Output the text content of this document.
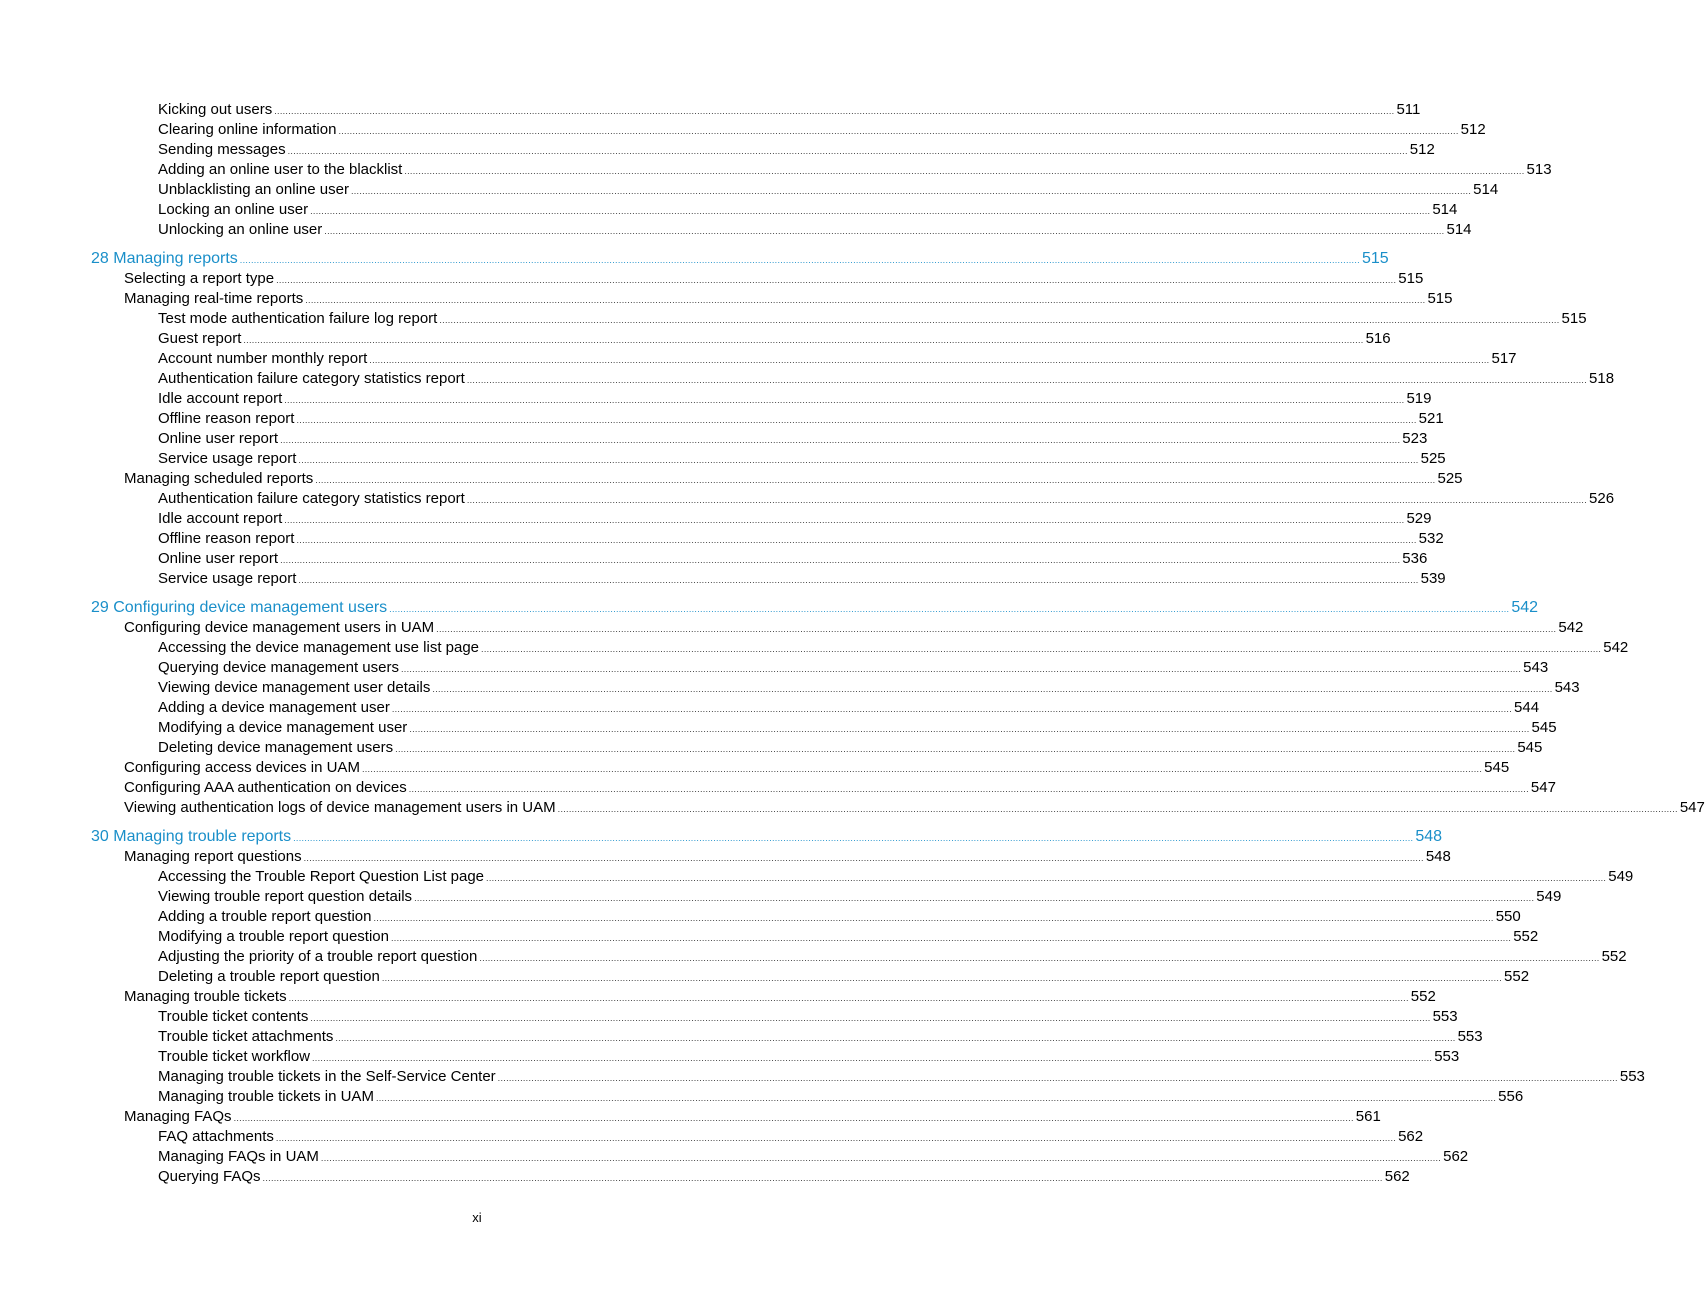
Kicking out users ................................................................................................................................................................................................................................................................................................................................................................................................................ 511
Clearing online information ................................................................................................................................................................................................................................................................................................................................................................................................................ 512
Sending messages ................................................................................................................................................................................................................................................................................................................................................................................................................ 512
Adding an online user to the blacklist ................................................................................................................................................................................................................................................................................................................................................................................................................ 513
Unblacklisting an online user ................................................................................................................................................................................................................................................................................................................................................................................................................ 514
Locking an online user ................................................................................................................................................................................................................................................................................................................................................................................................................ 514
Unlocking an online user ................................................................................................................................................................................................................................................................................................................................................................................................................ 514
28 Managing reports ................................................................................................................................................................................................................................................................................................................................................................................................................ 515
Selecting a report type ................................................................................................................................................................................................................................................................................................................................................................................................................ 515
Managing real-time reports ................................................................................................................................................................................................................................................................................................................................................................................................................ 515
Test mode authentication failure log report ................................................................................................................................................................................................................................................................................................................................................................................................................ 515
Guest report ................................................................................................................................................................................................................................................................................................................................................................................................................ 516
Account number monthly report ................................................................................................................................................................................................................................................................................................................................................................................................................ 517
Authentication failure category statistics report ................................................................................................................................................................................................................................................................................................................................................................................................................ 518
Idle account report ................................................................................................................................................................................................................................................................................................................................................................................................................ 519
Offline reason report ................................................................................................................................................................................................................................................................................................................................................................................................................ 521
Online user report ................................................................................................................................................................................................................................................................................................................................................................................................................ 523
Service usage report ................................................................................................................................................................................................................................................................................................................................................................................................................ 525
Managing scheduled reports ................................................................................................................................................................................................................................................................................................................................................................................................................ 525
Authentication failure category statistics report ................................................................................................................................................................................................................................................................................................................................................................................................................ 526
Idle account report ................................................................................................................................................................................................................................................................................................................................................................................................................ 529
Offline reason report ................................................................................................................................................................................................................................................................................................................................................................................................................ 532
Online user report ................................................................................................................................................................................................................................................................................................................................................................................................................ 536
Service usage report ................................................................................................................................................................................................................................................................................................................................................................................................................ 539
29 Configuring device management users ................................................................................................................................................................................................................................................................................................................................................................................................................ 542
Configuring device management users in UAM ................................................................................................................................................................................................................................................................................................................................................................................................................ 542
Accessing the device management use list page ................................................................................................................................................................................................................................................................................................................................................................................................................ 542
Querying device management users ................................................................................................................................................................................................................................................................................................................................................................................................................ 543
Viewing device management user details ................................................................................................................................................................................................................................................................................................................................................................................................................ 543
Adding a device management user ................................................................................................................................................................................................................................................................................................................................................................................................................ 544
Modifying a device management user ................................................................................................................................................................................................................................................................................................................................................................................................................ 545
Deleting device management users ................................................................................................................................................................................................................................................................................................................................................................................................................ 545
Configuring access devices in UAM ................................................................................................................................................................................................................................................................................................................................................................................................................ 545
Configuring AAA authentication on devices ................................................................................................................................................................................................................................................................................................................................................................................................................ 547
Viewing authentication logs of device management users in UAM ................................................................................................................................................................................................................................................................................................................................................................................................................ 547
30 Managing trouble reports ................................................................................................................................................................................................................................................................................................................................................................................................................ 548
Managing report questions ................................................................................................................................................................................................................................................................................................................................................................................................................ 548
Accessing the Trouble Report Question List page ................................................................................................................................................................................................................................................................................................................................................................................................................ 549
Viewing trouble report question details ................................................................................................................................................................................................................................................................................................................................................................................................................ 549
Adding a trouble report question ................................................................................................................................................................................................................................................................................................................................................................................................................ 550
Modifying a trouble report question ................................................................................................................................................................................................................................................................................................................................................................................................................ 552
Adjusting the priority of a trouble report question ................................................................................................................................................................................................................................................................................................................................................................................................................ 552
Deleting a trouble report question ................................................................................................................................................................................................................................................................................................................................................................................................................ 552
Managing trouble tickets ................................................................................................................................................................................................................................................................................................................................................................................................................ 552
Trouble ticket contents ................................................................................................................................................................................................................................................................................................................................................................................................................ 553
Trouble ticket attachments ................................................................................................................................................................................................................................................................................................................................................................................................................ 553
Trouble ticket workflow ................................................................................................................................................................................................................................................................................................................................................................................................................ 553
Managing trouble tickets in the Self-Service Center ................................................................................................................................................................................................................................................................................................................................................................................................................ 553
Managing trouble tickets in UAM ................................................................................................................................................................................................................................................................................................................................................................................................................ 556
Managing FAQs ................................................................................................................................................................................................................................................................................................................................................................................................................ 561
FAQ attachments ................................................................................................................................................................................................................................................................................................................................................................................................................ 562
Managing FAQs in UAM ................................................................................................................................................................................................................................................................................................................................................................................................................ 562
Querying FAQs ................................................................................................................................................................................................................................................................................................................................................................................................................ 562
xi
